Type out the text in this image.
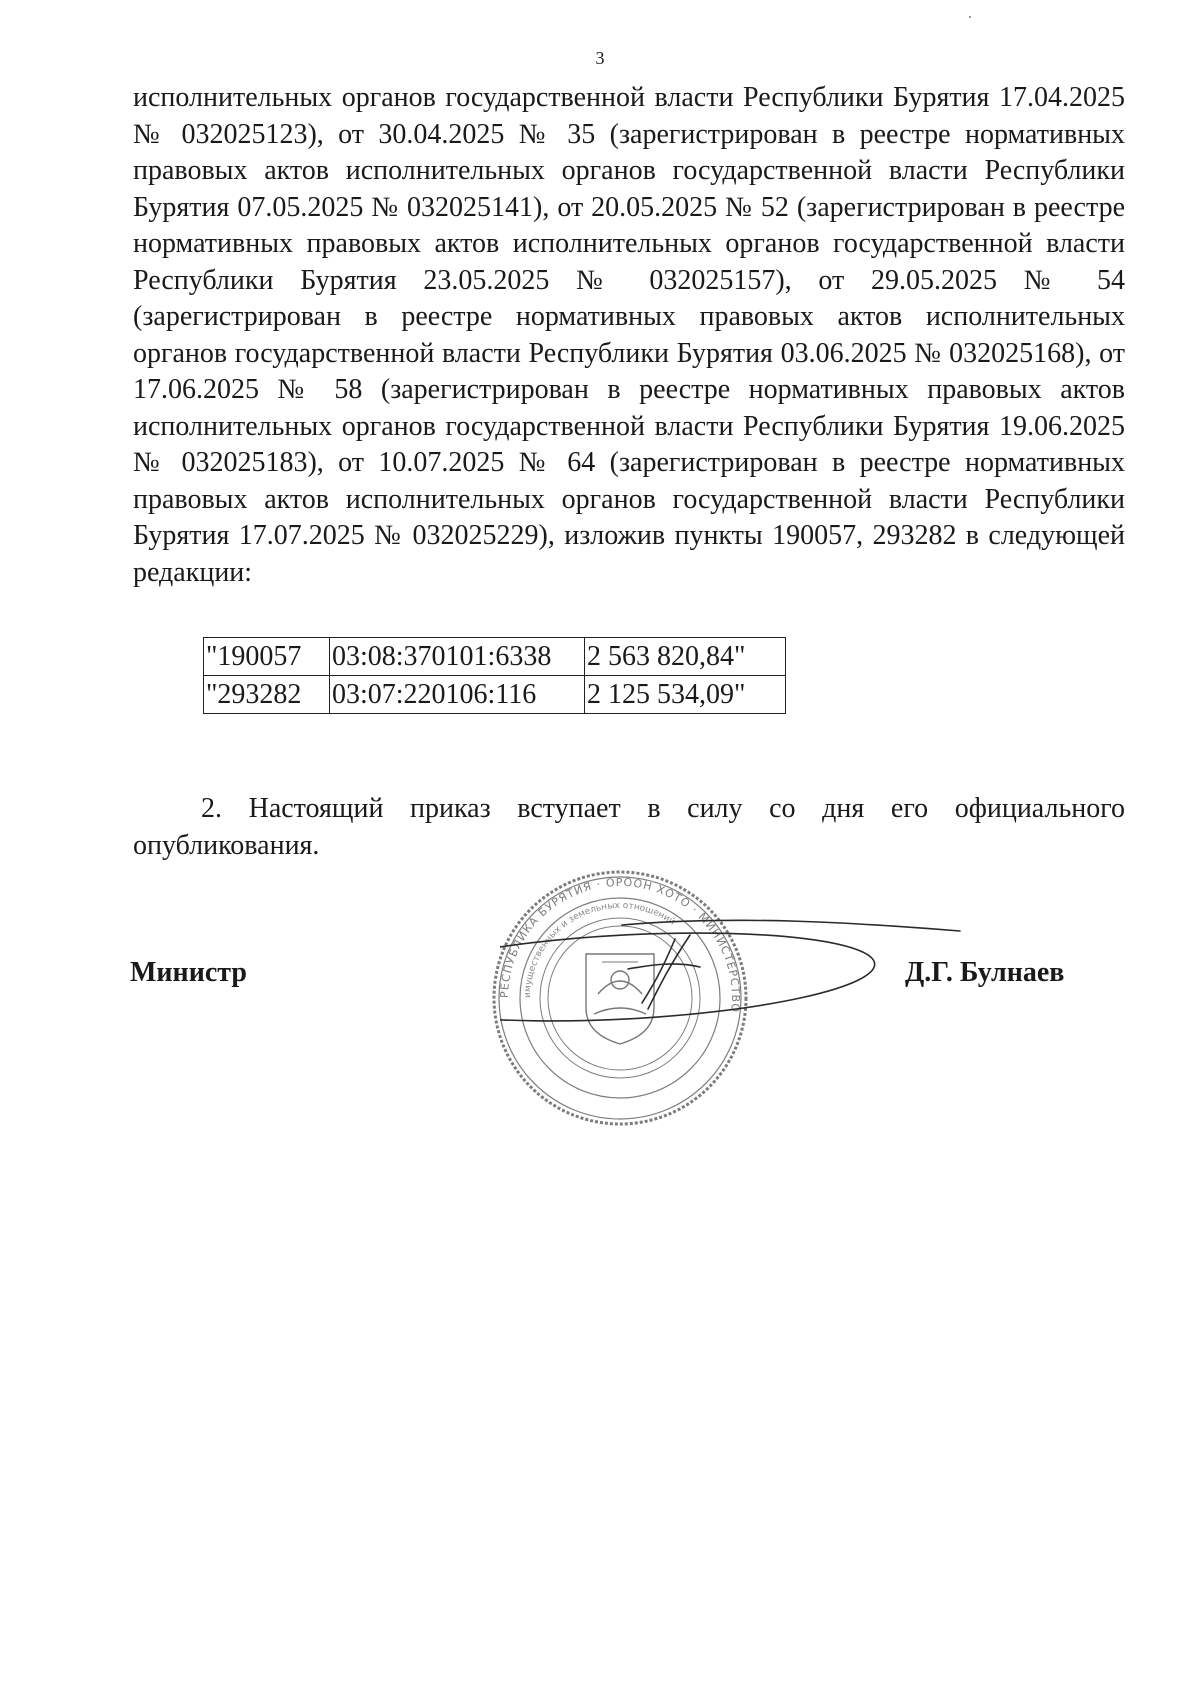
3

исполнительных органов государственной власти Республики Бурятия 17.04.2025 № 032025123), от 30.04.2025 № 35 (зарегистрирован в реестре нормативных правовых актов исполнительных органов государственной власти Республики Бурятия 07.05.2025 № 032025141), от 20.05.2025 № 52 (зарегистрирован в реестре нормативных правовых актов исполнительных органов государственной власти Республики Бурятия 23.05.2025 № 032025157), от 29.05.2025 № 54 (зарегистрирован в реестре нормативных правовых актов исполнительных органов государственной власти Республики Бурятия 03.06.2025 № 032025168), от 17.06.2025 № 58 (зарегистрирован в реестре нормативных правовых актов исполнительных органов государственной власти Республики Бурятия 19.06.2025 № 032025183), от 10.07.2025 № 64 (зарегистрирован в реестре нормативных правовых актов исполнительных органов государственной власти Республики Бурятия 17.07.2025 № 032025229), изложив пункты 190057, 293282 в следующей редакции:

"190057	03:08:370101:6338	2 563 820,84"
"293282	03:07:220106:116	2 125 534,09"

2. Настоящий приказ вступает в силу со дня его официального опубликования.

Министр	Д.Г. Булнаев
РЕСПУБЛИКА БУРЯТИЯ · ОРООН ХОТО · МИНИСТЕРСТВО
имущественных и земельных отношений
